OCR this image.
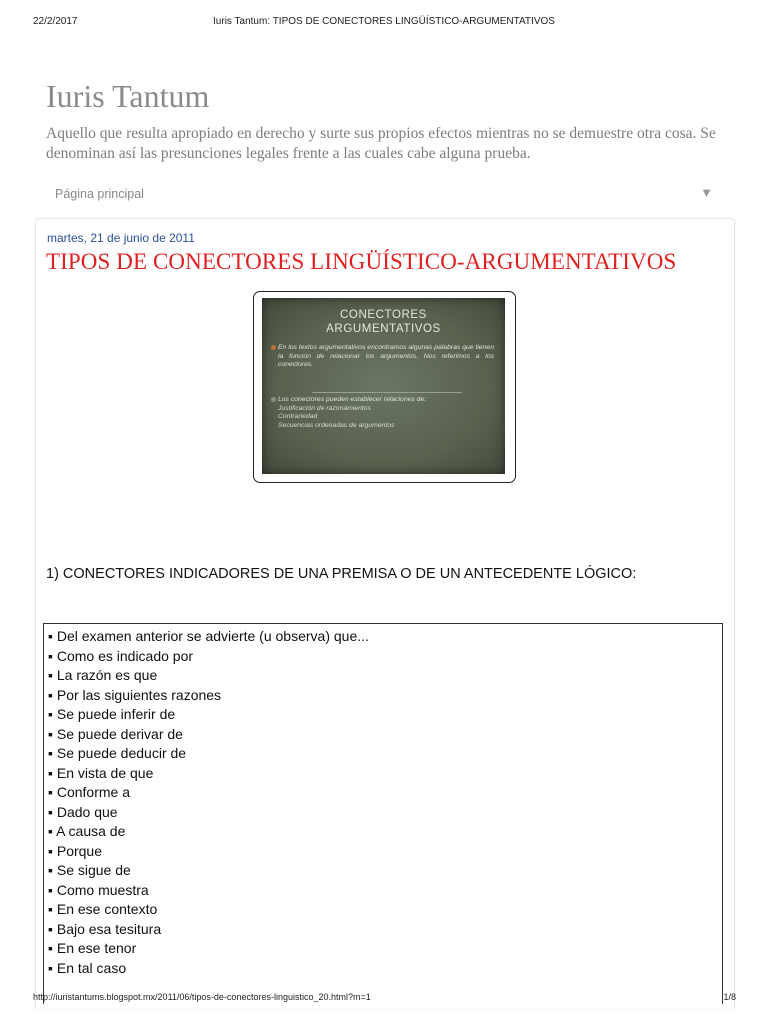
22/2/2017	Iuris Tantum: TIPOS DE CONECTORES LINGÜÍSTICO-ARGUMENTATIVOS
Iuris Tantum

Aquello que resulta apropiado en derecho y surte sus propios efectos mientras no se demuestre otra cosa. Se denominan así las presunciones legales frente a las cuales cabe alguna prueba.

Página principal	▼
martes, 21 de junio de 2011
TIPOS DE CONECTORES LINGÜÍSTICO-ARGUMENTATIVOS
CONECTORES
ARGUMENTATIVOS
En los textos argumentativos encontramos algunas palabras que tienen la función de relacionar los argumentos. Nos referimos a los conectores.
Los conectores pueden establecer relaciones de:
Justificación de razonamientos
Contrariedad
Secuencias ordenadas de argumentos
1) CONECTORES INDICADORES DE UNA PREMISA O DE UN ANTECEDENTE LÓGICO:
▪ Del examen anterior se advierte (u observa) que...
▪ Como es indicado por
▪ La razón es que
▪ Por las siguientes razones
▪ Se puede inferir de
▪ Se puede derivar de
▪ Se puede deducir de
▪ En vista de que
▪ Conforme a
▪ Dado que
▪ A causa de
▪ Porque
▪ Se sigue de
▪ Como muestra
▪ En ese contexto
▪ Bajo esa tesitura
▪ En ese tenor
▪ En tal caso
http://iuristantums.blogspot.mx/2011/06/tipos-de-conectores-linguistico_20.html?m=1	1/8
